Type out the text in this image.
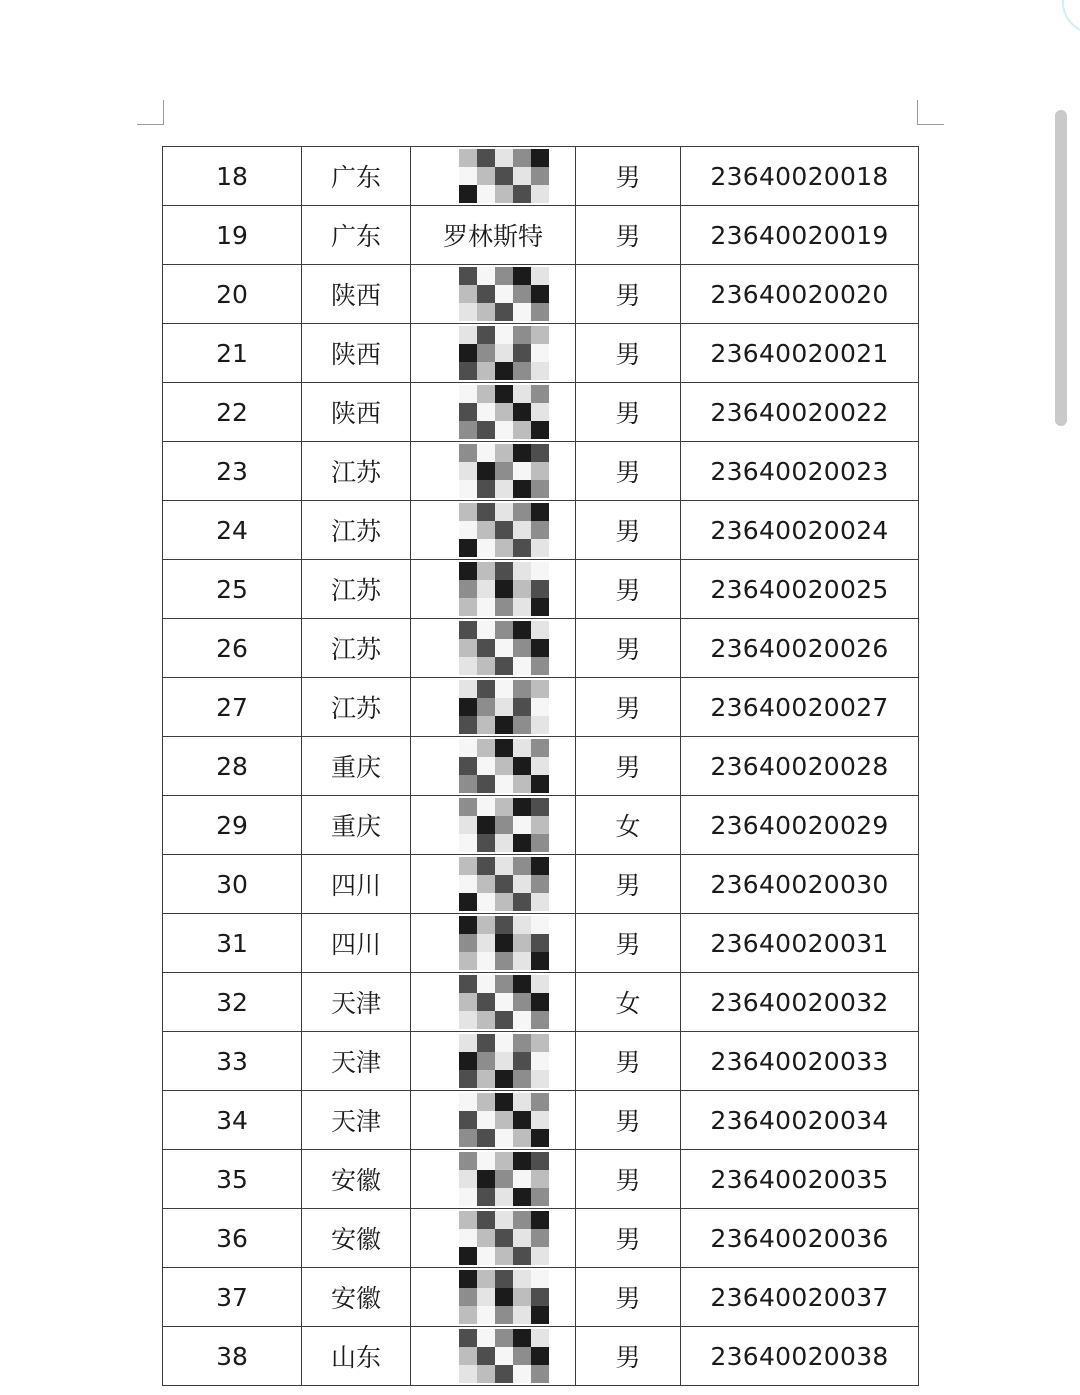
18	广东		男	23640020018
19	广东	罗林斯特	男	23640020019
20	陕西		男	23640020020
21	陕西		男	23640020021
22	陕西		男	23640020022
23	江苏		男	23640020023
24	江苏		男	23640020024
25	江苏		男	23640020025
26	江苏		男	23640020026
27	江苏		男	23640020027
28	重庆		男	23640020028
29	重庆		女	23640020029
30	四川		男	23640020030
31	四川		男	23640020031
32	天津		女	23640020032
33	天津		男	23640020033
34	天津		男	23640020034
35	安徽		男	23640020035
36	安徽		男	23640020036
37	安徽		男	23640020037
38	山东		男	23640020038
